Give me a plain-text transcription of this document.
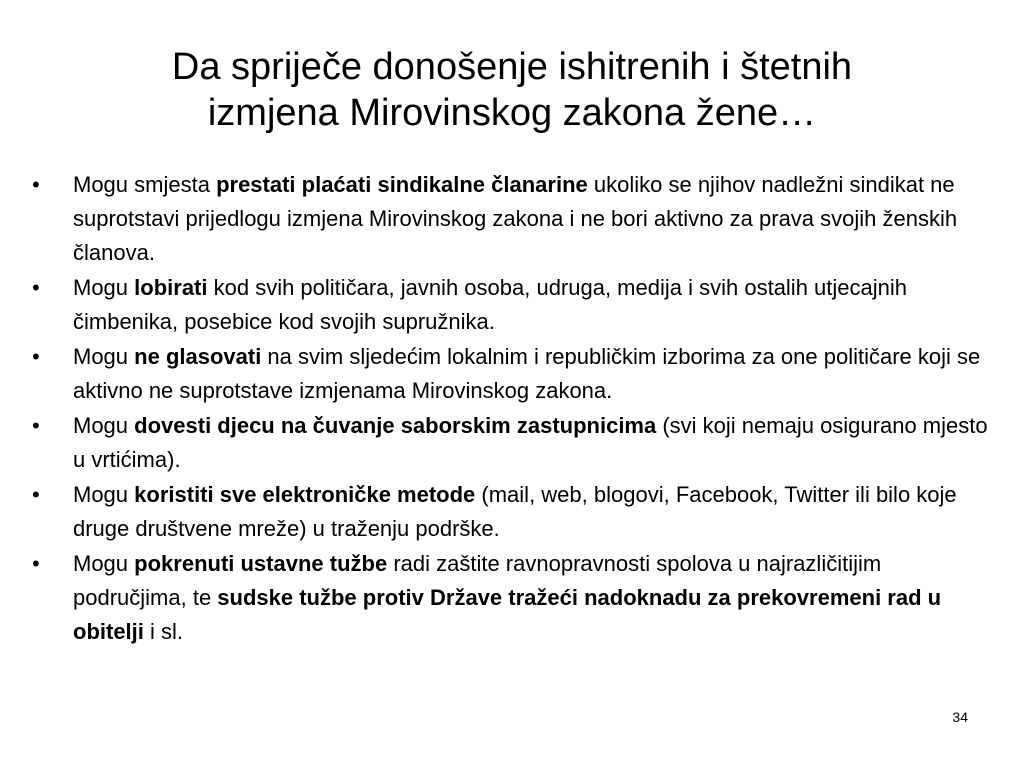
Da spriječe donošenje ishitrenih i štetnih
izmjena Mirovinskog zakona žene…
•	Mogu smjesta prestati plaćati sindikalne članarine ukoliko se njihov nadležni sindikat ne suprotstavi prijedlogu izmjena Mirovinskog zakona i ne bori aktivno za prava svojih ženskih članova.
•	Mogu lobirati kod svih političara, javnih osoba, udruga, medija i svih ostalih utjecajnih čimbenika, posebice kod svojih supružnika.
•	Mogu ne glasovati na svim sljedećim lokalnim i republičkim izborima za one političare koji se aktivno ne suprotstave izmjenama Mirovinskog zakona.
•	Mogu dovesti djecu na čuvanje saborskim zastupnicima (svi koji nemaju osigurano mjesto u vrtićima).
•	Mogu koristiti sve elektroničke metode (mail, web, blogovi, Facebook, Twitter ili bilo koje druge društvene mreže) u traženju podrške.
•	Mogu pokrenuti ustavne tužbe radi zaštite ravnopravnosti spolova u najrazličitijim područjima, te sudske tužbe protiv Države tražeći nadoknadu za prekovremeni rad u obitelji i sl.
34
